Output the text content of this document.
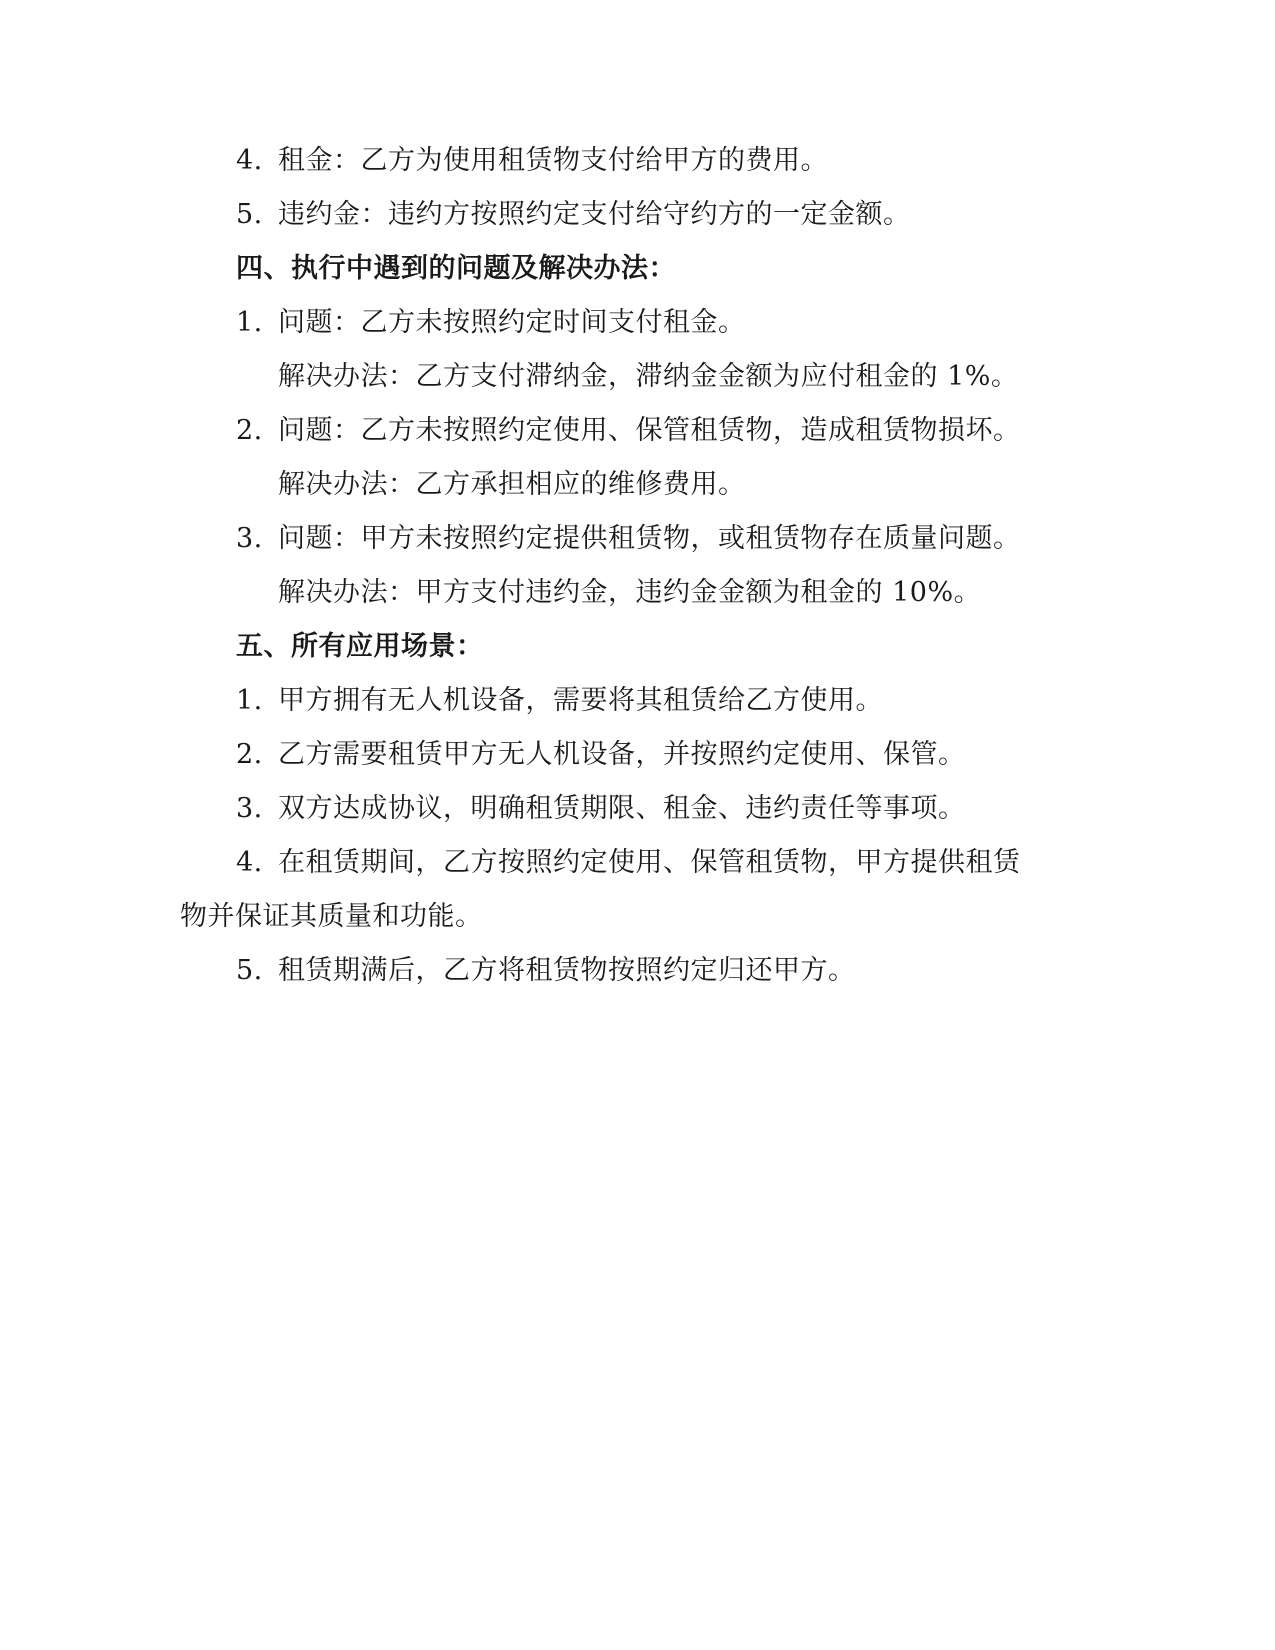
4. 租金：乙方为使用租赁物支付给甲方的费用。
5. 违约金：违约方按照约定支付给守约方的一定金额。
四、执行中遇到的问题及解决办法：
1. 问题：乙方未按照约定时间支付租金。
解决办法：乙方支付滞纳金，滞纳金金额为应付租金的 1%。
2. 问题：乙方未按照约定使用、保管租赁物，造成租赁物损坏。
解决办法：乙方承担相应的维修费用。
3. 问题：甲方未按照约定提供租赁物，或租赁物存在质量问题。
解决办法：甲方支付违约金，违约金金额为租金的 10%。
五、所有应用场景：
1. 甲方拥有无人机设备，需要将其租赁给乙方使用。
2. 乙方需要租赁甲方无人机设备，并按照约定使用、保管。
3. 双方达成协议，明确租赁期限、租金、违约责任等事项。
4. 在租赁期间，乙方按照约定使用、保管租赁物，甲方提供租赁
物并保证其质量和功能。
5. 租赁期满后，乙方将租赁物按照约定归还甲方。
